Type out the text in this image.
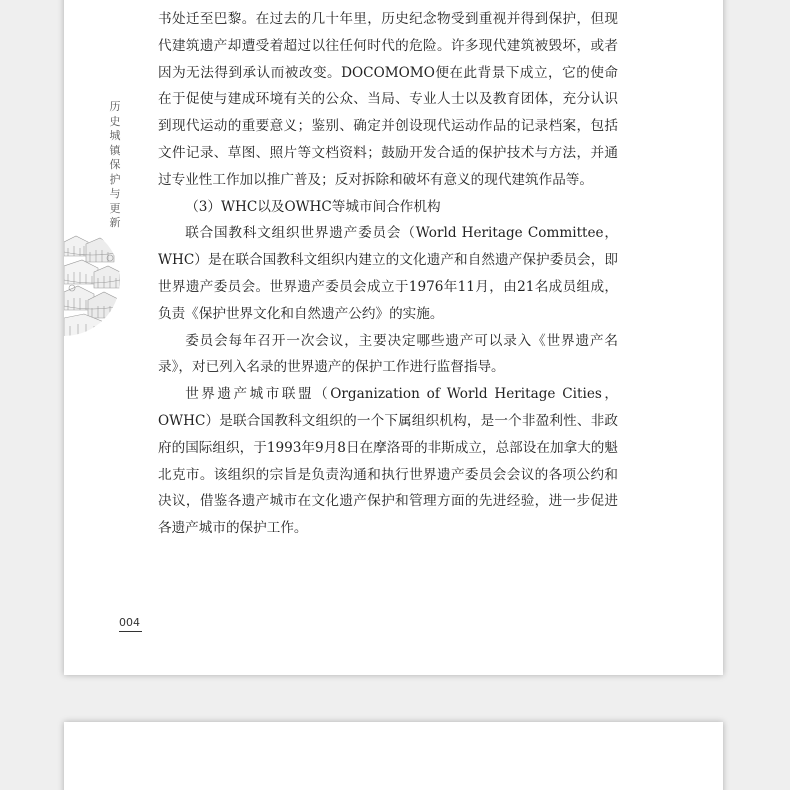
历史城镇保护与更新

书处迁至巴黎。在过去的几十年里，历史纪念物受到重视并得到保护，但现代建筑遗产却遭受着超过以往任何时代的危险。许多现代建筑被毁坏，或者因为无法得到承认而被改变。DOCOMOMO便在此背景下成立，它的使命在于促使与建成环境有关的公众、当局、专业人士以及教育团体，充分认识到现代运动的重要意义；鉴别、确定并创设现代运动作品的记录档案，包括文件记录、草图、照片等文档资料；鼓励开发合适的保护技术与方法，并通过专业性工作加以推广普及；反对拆除和破坏有意义的现代建筑作品等。

（3）WHC以及OWHC等城市间合作机构

联合国教科文组织世界遗产委员会（World Heritage Committee，WHC）是在联合国教科文组织内建立的文化遗产和自然遗产保护委员会，即世界遗产委员会。世界遗产委员会成立于1976年11月，由21名成员组成，负责《保护世界文化和自然遗产公约》的实施。

委员会每年召开一次会议，主要决定哪些遗产可以录入《世界遗产名录》，对已列入名录的世界遗产的保护工作进行监督指导。

世界遗产城市联盟（Organization of World Heritage Cities，OWHC）是联合国教科文组织的一个下属组织机构，是一个非盈利性、非政府的国际组织，于1993年9月8日在摩洛哥的非斯成立，总部设在加拿大的魁北克市。该组织的宗旨是负责沟通和执行世界遗产委员会会议的各项公约和决议，借鉴各遗产城市在文化遗产保护和管理方面的先进经验，进一步促进各遗产城市的保护工作。

004
